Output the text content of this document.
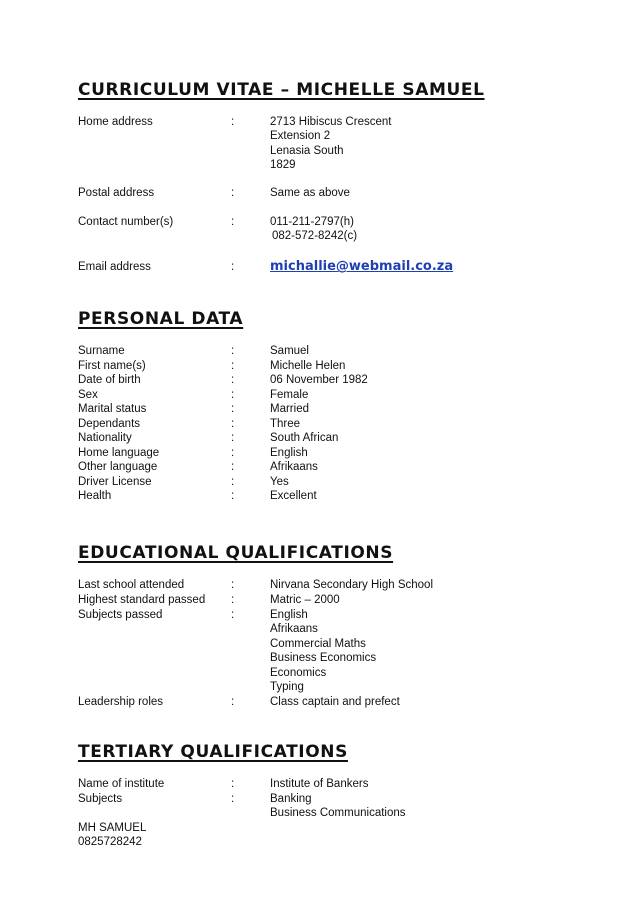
CURRICULUM VITAE – MICHELLE SAMUEL
Home address	:	2713 Hibiscus Crescent
Extension 2
Lenasia South
1829
Postal address	:	Same as above
Contact number(s)	:	011-211-2797(h)
082-572-8242(c)
Email address	:	michallie@webmail.co.za
PERSONAL DATA
Surname	:	Samuel
First name(s)	:	Michelle Helen
Date of birth	:	06 November 1982
Sex	:	Female
Marital status	:	Married
Dependants	:	Three
Nationality	:	South African
Home language	:	English
Other language	:	Afrikaans
Driver License	:	Yes
Health	:	Excellent
EDUCATIONAL QUALIFICATIONS
Last school attended	:	Nirvana Secondary High School
Highest standard passed :	Matric – 2000
Subjects passed	:	English
Afrikaans
Commercial Maths
Business Economics
Economics
Typing
Leadership roles	:	Class captain and prefect
TERTIARY QUALIFICATIONS
Name of institute	:	Institute of Bankers
Subjects	:	Banking
Business Communications
MH SAMUEL
0825728242
